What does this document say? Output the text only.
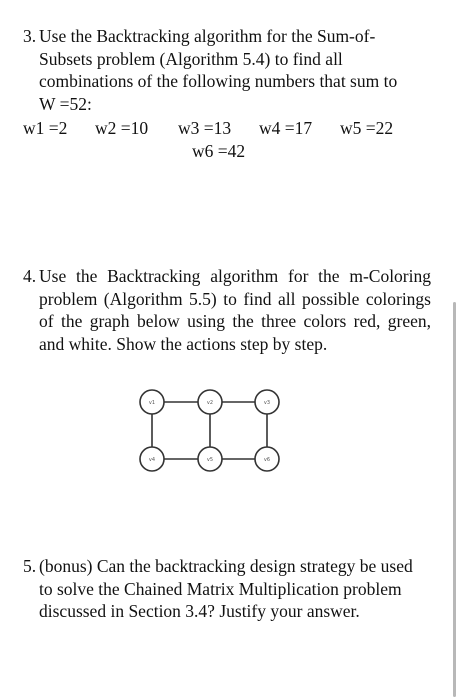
3. Use the Backtracking algorithm for the Sum-of-
Subsets problem (Algorithm 5.4) to find all
combinations of the following numbers that sum to
W =52:
w1 =2 w2 =10 w3 =13 w4 =17 w5 =22
w6 =42
4. Use the Backtracking algorithm for the m-Coloring problem (Algorithm 5.5) to find all possible colorings of the graph below using the three colors red, green, and white. Show the actions step by step.
v1	v2	v3
v4	v5	v6
5. (bonus) Can the backtracking design strategy be used to solve the Chained Matrix Multiplication problem discussed in Section 3.4? Justify your answer.
